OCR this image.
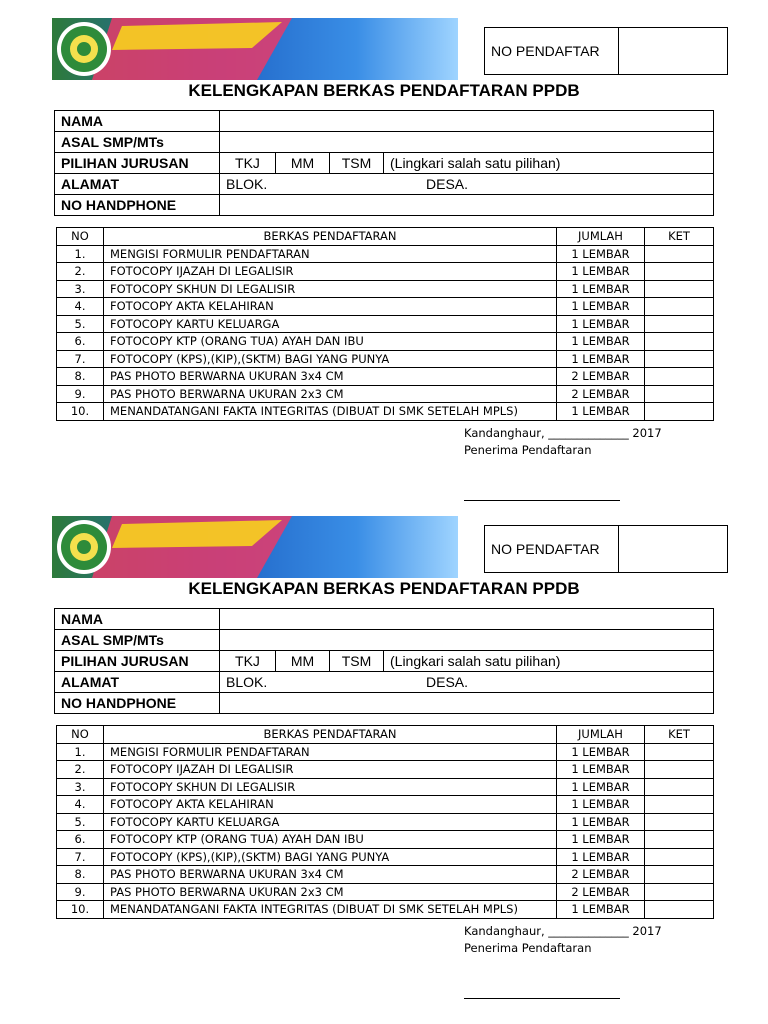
NO PENDAFTAR
KELENGKAPAN BERKAS PENDAFTARAN PPDB
NAMA	
ASAL SMP/MTs	
PILIHAN JURUSAN	TKJ MM TSM (Lingkari salah satu pilihan)

ALAMAT	BLOK. DESA.

NO HANDPHONE	
NO	BERKAS PENDAFTARAN	JUMLAH	KET
1.	MENGISI FORMULIR PENDAFTARAN	1 LEMBAR	
2.	FOTOCOPY IJAZAH DI LEGALISIR	1 LEMBAR	
3.	FOTOCOPY SKHUN DI LEGALISIR	1 LEMBAR	
4.	FOTOCOPY AKTA KELAHIRAN	1 LEMBAR	
5.	FOTOCOPY KARTU KELUARGA	1 LEMBAR	
6.	FOTOCOPY KTP (ORANG TUA) AYAH DAN IBU	1 LEMBAR	
7.	FOTOCOPY (KPS),(KIP),(SKTM) BAGI YANG PUNYA	1 LEMBAR	
8.	PAS PHOTO BERWARNA UKURAN 3x4 CM	2 LEMBAR	
9.	PAS PHOTO BERWARNA UKURAN 2x3 CM	2 LEMBAR	
10.	MENANDATANGANI FAKTA INTEGRITAS (DIBUAT DI SMK SETELAH MPLS)	1 LEMBAR	
Kandanghaur, ______________ 2017
Penerima Pendaftaran
NO PENDAFTAR
KELENGKAPAN BERKAS PENDAFTARAN PPDB
NAMA	
ASAL SMP/MTs	
PILIHAN JURUSAN	TKJ MM TSM (Lingkari salah satu pilihan)

ALAMAT	BLOK. DESA.

NO HANDPHONE	
NO	BERKAS PENDAFTARAN	JUMLAH	KET
1.	MENGISI FORMULIR PENDAFTARAN	1 LEMBAR	
2.	FOTOCOPY IJAZAH DI LEGALISIR	1 LEMBAR	
3.	FOTOCOPY SKHUN DI LEGALISIR	1 LEMBAR	
4.	FOTOCOPY AKTA KELAHIRAN	1 LEMBAR	
5.	FOTOCOPY KARTU KELUARGA	1 LEMBAR	
6.	FOTOCOPY KTP (ORANG TUA) AYAH DAN IBU	1 LEMBAR	
7.	FOTOCOPY (KPS),(KIP),(SKTM) BAGI YANG PUNYA	1 LEMBAR	
8.	PAS PHOTO BERWARNA UKURAN 3x4 CM	2 LEMBAR	
9.	PAS PHOTO BERWARNA UKURAN 2x3 CM	2 LEMBAR	
10.	MENANDATANGANI FAKTA INTEGRITAS (DIBUAT DI SMK SETELAH MPLS)	1 LEMBAR	
Kandanghaur, ______________ 2017
Penerima Pendaftaran
